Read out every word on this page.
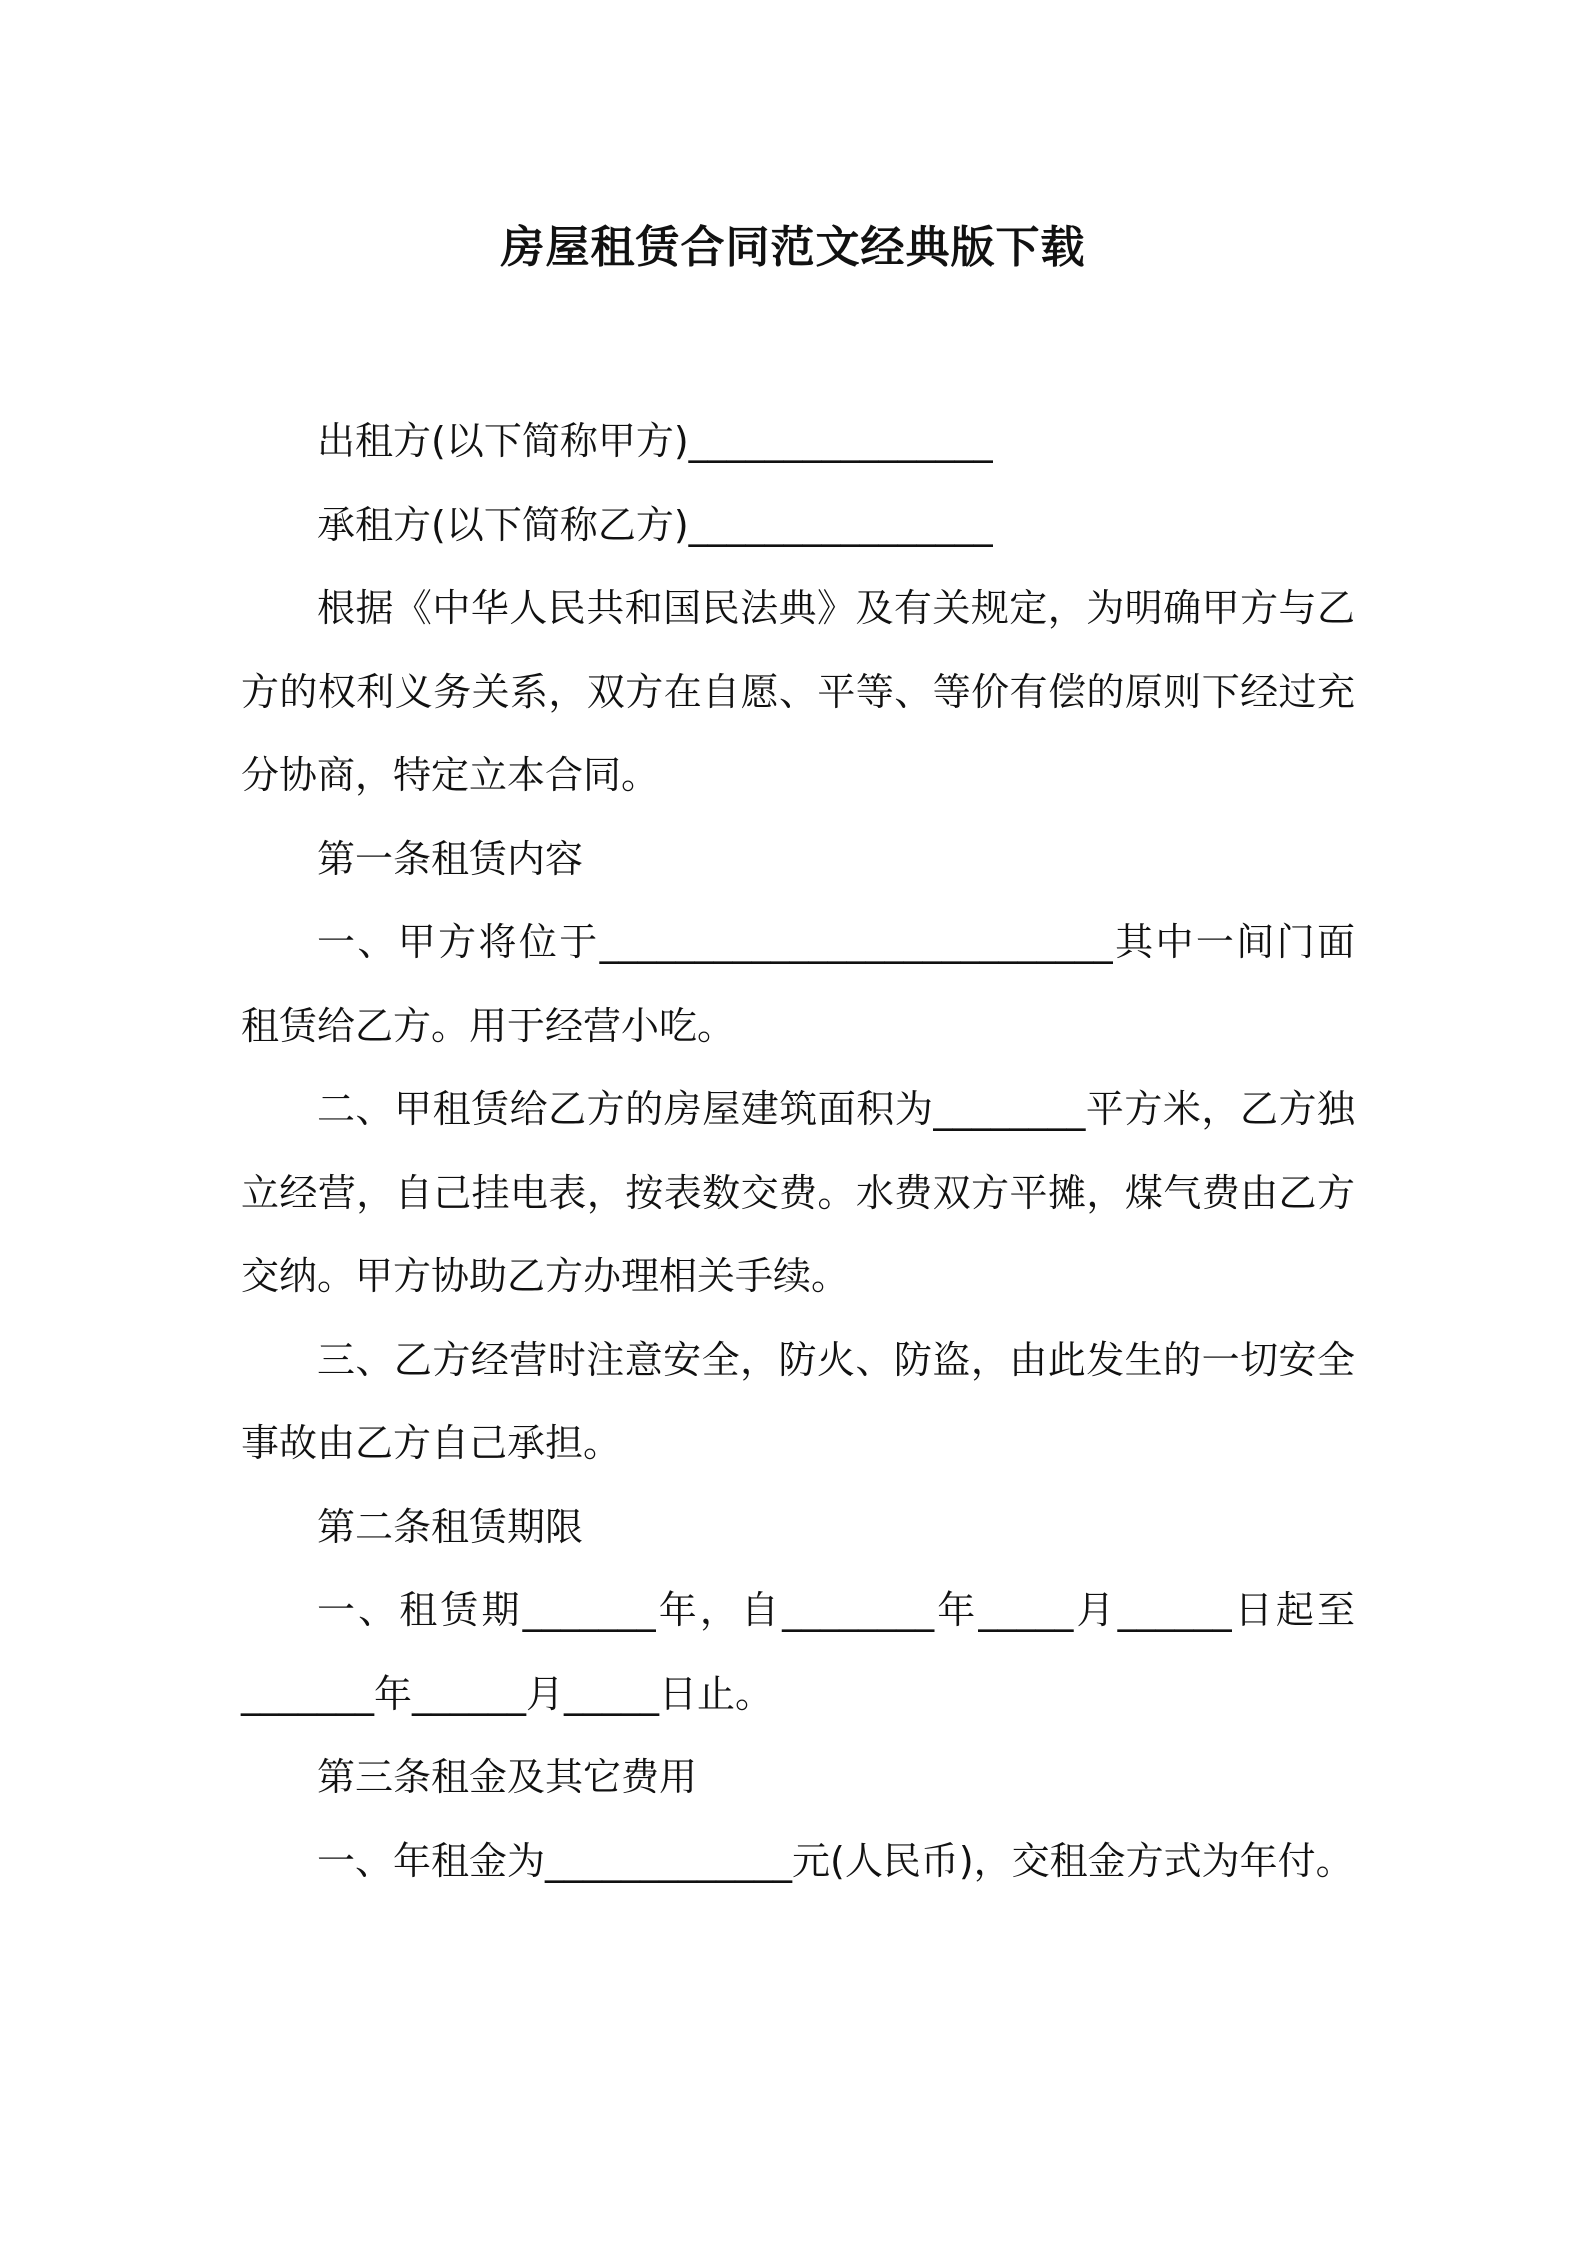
房屋租赁合同范文经典版下载

出租方(以下简称甲方)________________

承租方(以下简称乙方)________________

根据《中华人民共和国民法典》及有关规定，为明确甲方与乙方的权利义务关系，双方在自愿、平等、等价有偿的原则下经过充分协商，特定立本合同。

第一条租赁内容

一、甲方将位于___________________________其中一间门面租赁给乙方。用于经营小吃。

二、甲租赁给乙方的房屋建筑面积为________平方米，乙方独立经营，自己挂电表，按表数交费。水费双方平摊，煤气费由乙方交纳。甲方协助乙方办理相关手续。

三、乙方经营时注意安全，防火、防盗，由此发生的一切安全事故由乙方自己承担。

第二条租赁期限

一、租赁期_______年，自________年_____月______日起至_______年______月_____日止。

第三条租金及其它费用

一、年租金为_____________元(人民币)，交租金方式为年付。
